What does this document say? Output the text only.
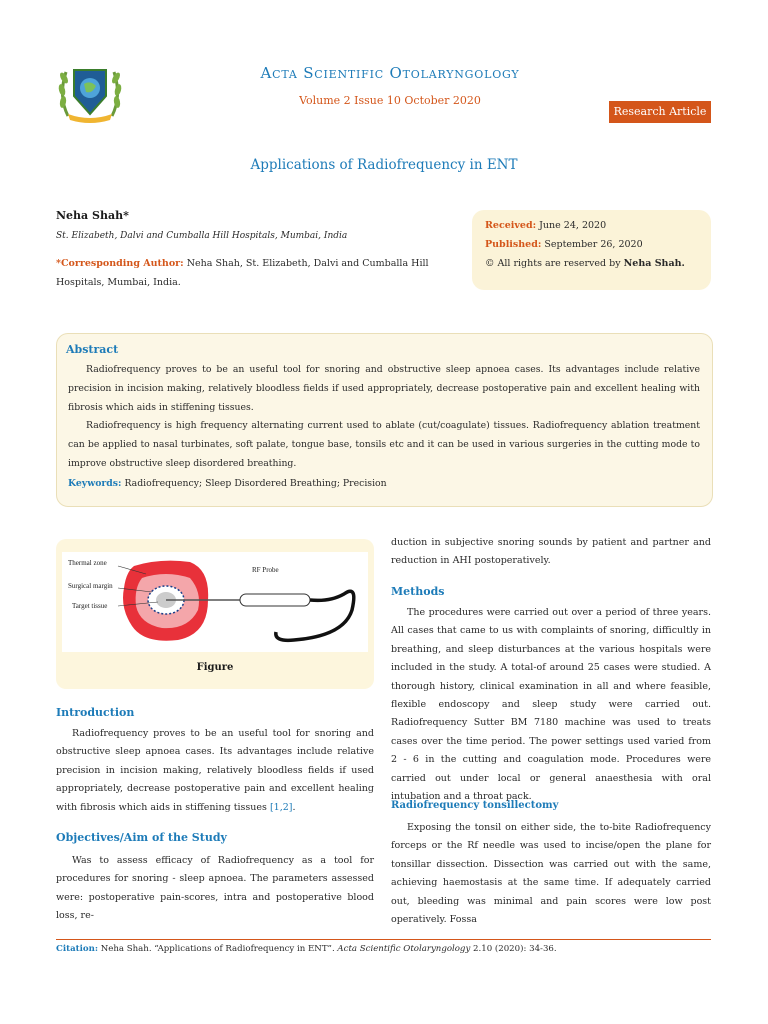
Acta Scientific Otolaryngology
Volume 2 Issue 10 October 2020
Research Article
Applications of Radiofrequency in ENT
Neha Shah*
St. Elizabeth, Dalvi and Cumballa Hill Hospitals, Mumbai, India
*Corresponding Author: Neha Shah, St. Elizabeth, Dalvi and Cumballa Hill Hospitals, Mumbai, India.
Received: June 24, 2020
Published: September 26, 2020
© All rights are reserved by Neha Shah.
Abstract
Radiofrequency proves to be an useful tool for snoring and obstructive sleep apnoea cases. Its advantages include relative precision in incision making, relatively bloodless fields if used appropriately, decrease postoperative pain and excellent healing with fibrosis which aids in stiffening tissues.
Radiofrequency is high frequency alternating current used to ablate (cut/coagulate) tissues. Radiofrequency ablation treatment can be applied to nasal turbinates, soft palate, tongue base, tonsils etc and it can be used in various surgeries in the cutting mode to improve obstructive sleep disordered breathing.
Keywords: Radiofrequency; Sleep Disordered Breathing; Precision
Thermal zone
Surgical margin
Target tissue
RF Probe
Figure
Introduction
Radiofrequency proves to be an useful tool for snoring and obstructive sleep apnoea cases. Its advantages include relative precision in incision making, relatively bloodless fields if used appropriately, decrease postoperative pain and excellent healing with fibrosis which aids in stiffening tissues [1,2].
Objectives/Aim of the Study
Was to assess efficacy of Radiofrequency as a tool for procedures for snoring - sleep apnoea. The parameters assessed were: postoperative pain-scores, intra and postoperative blood loss, re-
duction in subjective snoring sounds by patient and partner and reduction in AHI postoperatively.
Methods
The procedures were carried out over a period of three years. All cases that came to us with complaints of snoring, difficultly in breathing, and sleep disturbances at the various hospitals were included in the study. A total-of around 25 cases were studied. A thorough history, clinical examination in all and where feasible, flexible endoscopy and sleep study were carried out. Radiofrequency Sutter BM 7180 machine was used to treats cases over the time period. The power settings used varied from 2 - 6 in the cutting and coagulation mode. Procedures were carried out under local or general anaesthesia with oral intubation and a throat pack.
Radiofrequency tonsillectomy
Exposing the tonsil on either side, the to-bite Radiofrequency forceps or the Rf needle was used to incise/open the plane for tonsillar dissection. Dissection was carried out with the same, achieving haemostasis at the same time. If adequately carried out, bleeding was minimal and pain scores were low post operatively. Fossa
Citation: Neha Shah. “Applications of Radiofrequency in ENT”. Acta Scientific Otolaryngology 2.10 (2020): 34-36.
